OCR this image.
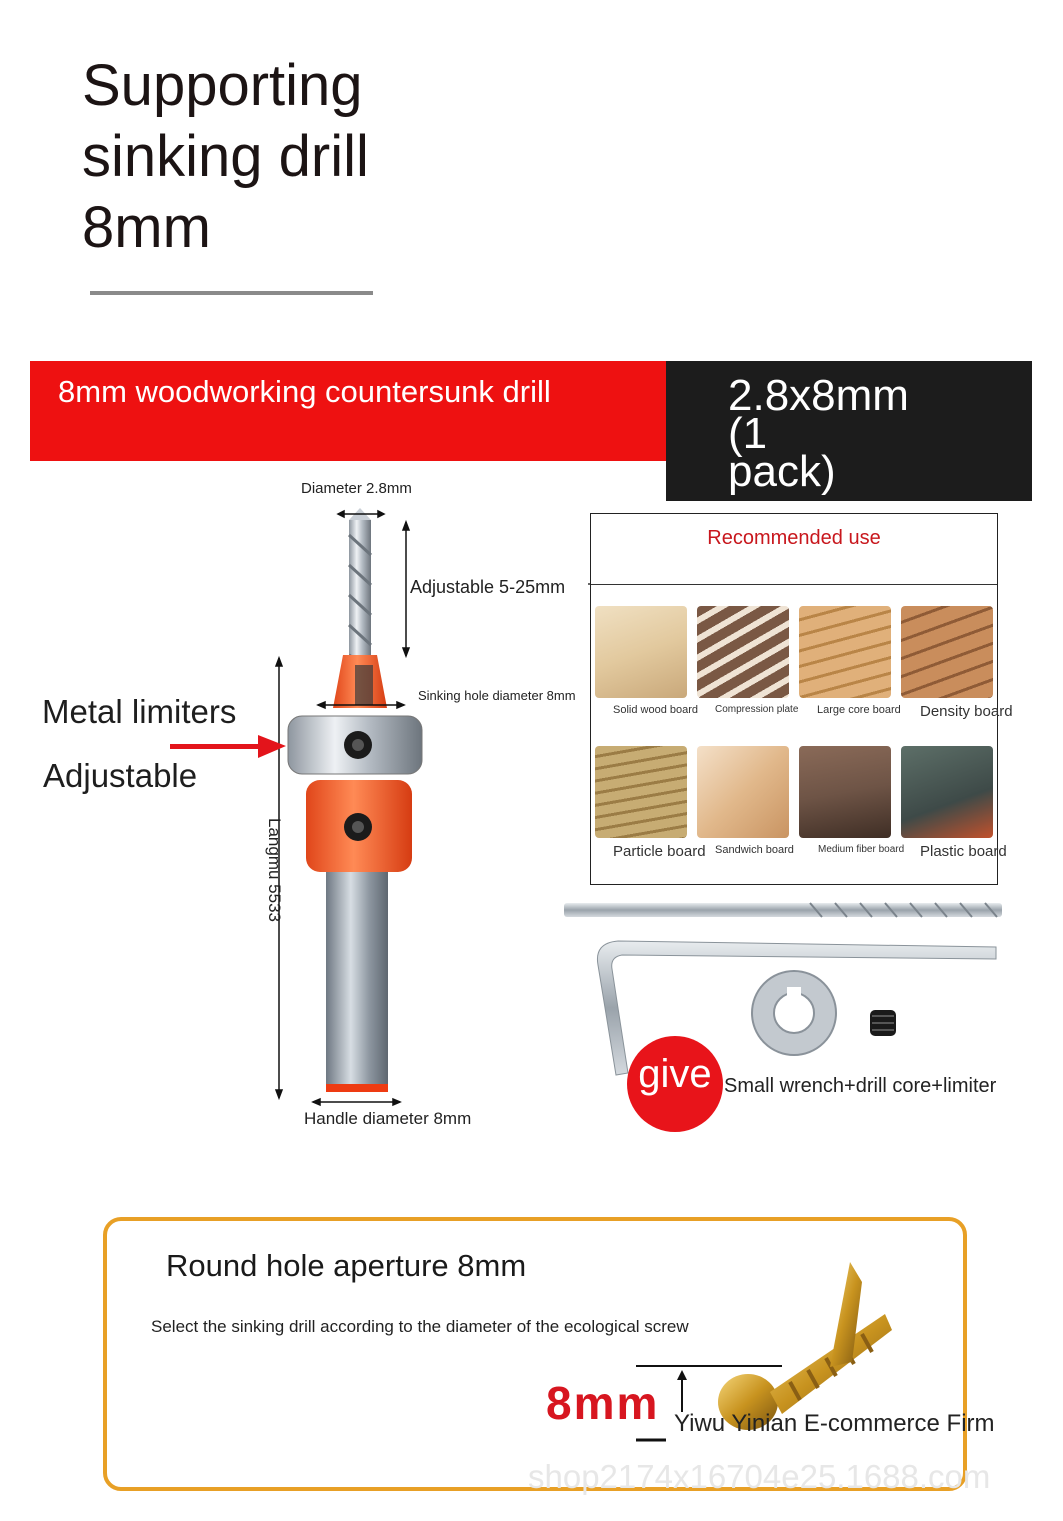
Supporting
sinking drill
8mm
8mm woodworking countersunk drill	2.8x8mm
(1
pack)
Diameter 2.8mm
Adjustable 5-25mm
Sinking hole diameter 8mm
Metal limiters
Adjustable
Langmu 5533
Handle diameter 8mm
Recommended use
Solid wood board Compression plate Large core board Density board
Particle board Sandwich board Medium fiber board Plastic board
give Small wrench+drill core+limiter
Round hole aperture 8mm
Select the sinking drill according to the diameter of the ecological screw
8mm Yiwu Yinian E-commerce Firm
shop2174x16704e25.1688.com
